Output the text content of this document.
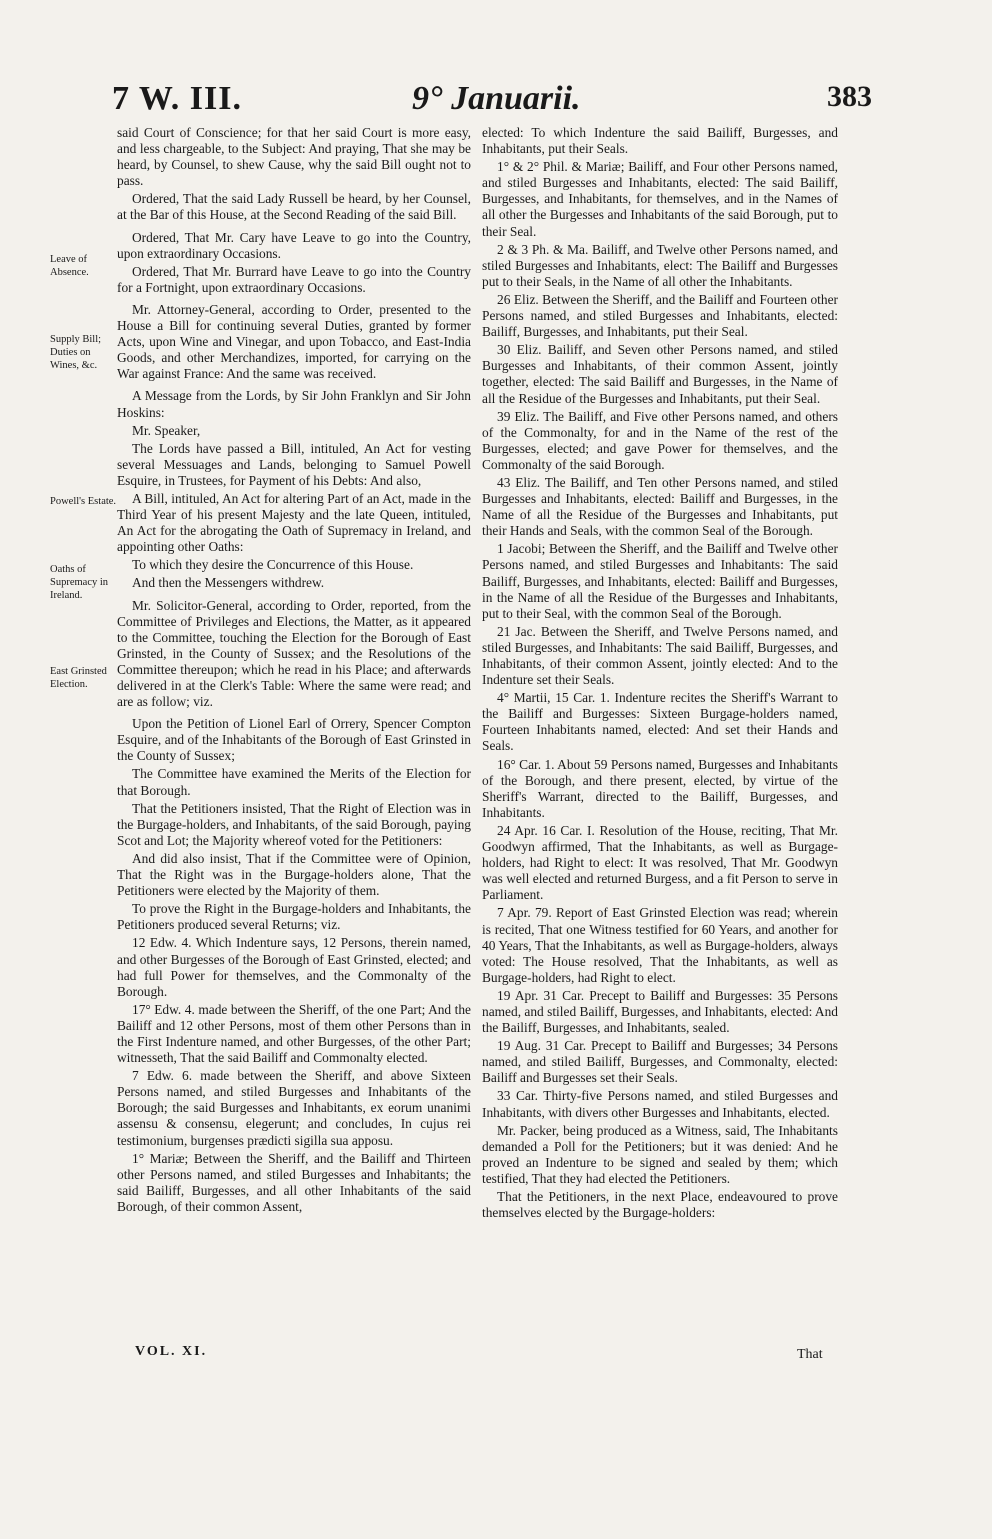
7 W. III.	9° Januarii.	383
Leave of Absence.
Supply Bill; Duties on Wines, &c.
Powell's Estate.
Oaths of Supremacy in Ireland.
East Grinsted Election.

said Court of Conscience; for that her said Court is more easy, and less chargeable, to the Subject: And praying, That she may be heard, by Counsel, to shew Cause, why the said Bill ought not to pass.

Ordered, That the said Lady Russell be heard, by her Counsel, at the Bar of this House, at the Second Reading of the said Bill.

Ordered, That Mr. Cary have Leave to go into the Country, upon extraordinary Occasions.

Ordered, That Mr. Burrard have Leave to go into the Country for a Fortnight, upon extraordinary Occasions.

Mr. Attorney-General, according to Order, presented to the House a Bill for continuing several Duties, granted by former Acts, upon Wine and Vinegar, and upon Tobacco, and East-India Goods, and other Merchandizes, imported, for carrying on the War against France: And the same was received.

A Message from the Lords, by Sir John Franklyn and Sir John Hoskins:

Mr. Speaker,

The Lords have passed a Bill, intituled, An Act for vesting several Messuages and Lands, belonging to Samuel Powell Esquire, in Trustees, for Payment of his Debts: And also,

A Bill, intituled, An Act for altering Part of an Act, made in the Third Year of his present Majesty and the late Queen, intituled, An Act for the abrogating the Oath of Supremacy in Ireland, and appointing other Oaths:

To which they desire the Concurrence of this House.

And then the Messengers withdrew.

Mr. Solicitor-General, according to Order, reported, from the Committee of Privileges and Elections, the Matter, as it appeared to the Committee, touching the Election for the Borough of East Grinsted, in the County of Sussex; and the Resolutions of the Committee thereupon; which he read in his Place; and afterwards delivered in at the Clerk's Table: Where the same were read; and are as follow; viz.

Upon the Petition of Lionel Earl of Orrery, Spencer Compton Esquire, and of the Inhabitants of the Borough of East Grinsted in the County of Sussex;

The Committee have examined the Merits of the Election for that Borough.

That the Petitioners insisted, That the Right of Election was in the Burgage-holders, and Inhabitants, of the said Borough, paying Scot and Lot; the Majority whereof voted for the Petitioners:

And did also insist, That if the Committee were of Opinion, That the Right was in the Burgage-holders alone, That the Petitioners were elected by the Majority of them.

To prove the Right in the Burgage-holders and Inhabitants, the Petitioners produced several Returns; viz.

12 Edw. 4. Which Indenture says, 12 Persons, therein named, and other Burgesses of the Borough of East Grinsted, elected; and had full Power for themselves, and the Commonalty of the Borough.

17° Edw. 4. made between the Sheriff, of the one Part; And the Bailiff and 12 other Persons, most of them other Persons than in the First Indenture named, and other Burgesses, of the other Part; witnesseth, That the said Bailiff and Commonalty elected.

7 Edw. 6. made between the Sheriff, and above Sixteen Persons named, and stiled Burgesses and Inhabitants of the Borough; the said Burgesses and Inhabitants, ex eorum unanimi assensu & consensu, elegerunt; and concludes, In cujus rei testimonium, burgenses prædicti sigilla sua apposu.

1° Mariæ; Between the Sheriff, and the Bailiff and Thirteen other Persons named, and stiled Burgesses and Inhabitants; the said Bailiff, Burgesses, and all other Inhabitants of the said Borough, of their common Assent,

elected: To which Indenture the said Bailiff, Burgesses, and Inhabitants, put their Seals.

1° & 2° Phil. & Mariæ; Bailiff, and Four other Persons named, and stiled Burgesses and Inhabitants, elected: The said Bailiff, Burgesses, and Inhabitants, for themselves, and in the Names of all other the Burgesses and Inhabitants of the said Borough, put to their Seal.

2 & 3 Ph. & Ma. Bailiff, and Twelve other Persons named, and stiled Burgesses and Inhabitants, elect: The Bailiff and Burgesses put to their Seals, in the Name of all other the Inhabitants.

26 Eliz. Between the Sheriff, and the Bailiff and Fourteen other Persons named, and stiled Burgesses and Inhabitants, elected: Bailiff, Burgesses, and Inhabitants, put their Seal.

30 Eliz. Bailiff, and Seven other Persons named, and stiled Burgesses and Inhabitants, of their common Assent, jointly together, elected: The said Bailiff and Burgesses, in the Name of all the Residue of the Burgesses and Inhabitants, put their Seal.

39 Eliz. The Bailiff, and Five other Persons named, and others of the Commonalty, for and in the Name of the rest of the Burgesses, elected; and gave Power for themselves, and the Commonalty of the said Borough.

43 Eliz. The Bailiff, and Ten other Persons named, and stiled Burgesses and Inhabitants, elected: Bailiff and Burgesses, in the Name of all the Residue of the Burgesses and Inhabitants, put their Hands and Seals, with the common Seal of the Borough.

1 Jacobi; Between the Sheriff, and the Bailiff and Twelve other Persons named, and stiled Burgesses and Inhabitants: The said Bailiff, Burgesses, and Inhabitants, elected: Bailiff and Burgesses, in the Name of all the Residue of the Burgesses and Inhabitants, put to their Seal, with the common Seal of the Borough.

21 Jac. Between the Sheriff, and Twelve Persons named, and stiled Burgesses, and Inhabitants: The said Bailiff, Burgesses, and Inhabitants, of their common Assent, jointly elected: And to the Indenture set their Seals.

4° Martii, 15 Car. 1. Indenture recites the Sheriff's Warrant to the Bailiff and Burgesses: Sixteen Burgage-holders named, Fourteen Inhabitants named, elected: And set their Hands and Seals.

16° Car. 1. About 59 Persons named, Burgesses and Inhabitants of the Borough, and there present, elected, by virtue of the Sheriff's Warrant, directed to the Bailiff, Burgesses, and Inhabitants.

24 Apr. 16 Car. I. Resolution of the House, reciting, That Mr. Goodwyn affirmed, That the Inhabitants, as well as Burgage-holders, had Right to elect: It was resolved, That Mr. Goodwyn was well elected and returned Burgess, and a fit Person to serve in Parliament.

7 Apr. 79. Report of East Grinsted Election was read; wherein is recited, That one Witness testified for 60 Years, and another for 40 Years, That the Inhabitants, as well as Burgage-holders, always voted: The House resolved, That the Inhabitants, as well as Burgage-holders, had Right to elect.

19 Apr. 31 Car. Precept to Bailiff and Burgesses: 35 Persons named, and stiled Bailiff, Burgesses, and Inhabitants, elected: And the Bailiff, Burgesses, and Inhabitants, sealed.

19 Aug. 31 Car. Precept to Bailiff and Burgesses; 34 Persons named, and stiled Bailiff, Burgesses, and Commonalty, elected: Bailiff and Burgesses set their Seals.

33 Car. Thirty-five Persons named, and stiled Burgesses and Inhabitants, with divers other Burgesses and Inhabitants, elected.

Mr. Packer, being produced as a Witness, said, The Inhabitants demanded a Poll for the Petitioners; but it was denied: And he proved an Indenture to be signed and sealed by them; which testified, That they had elected the Petitioners.

That the Petitioners, in the next Place, endeavoured to prove themselves elected by the Burgage-holders:

VOL. XI.	That
